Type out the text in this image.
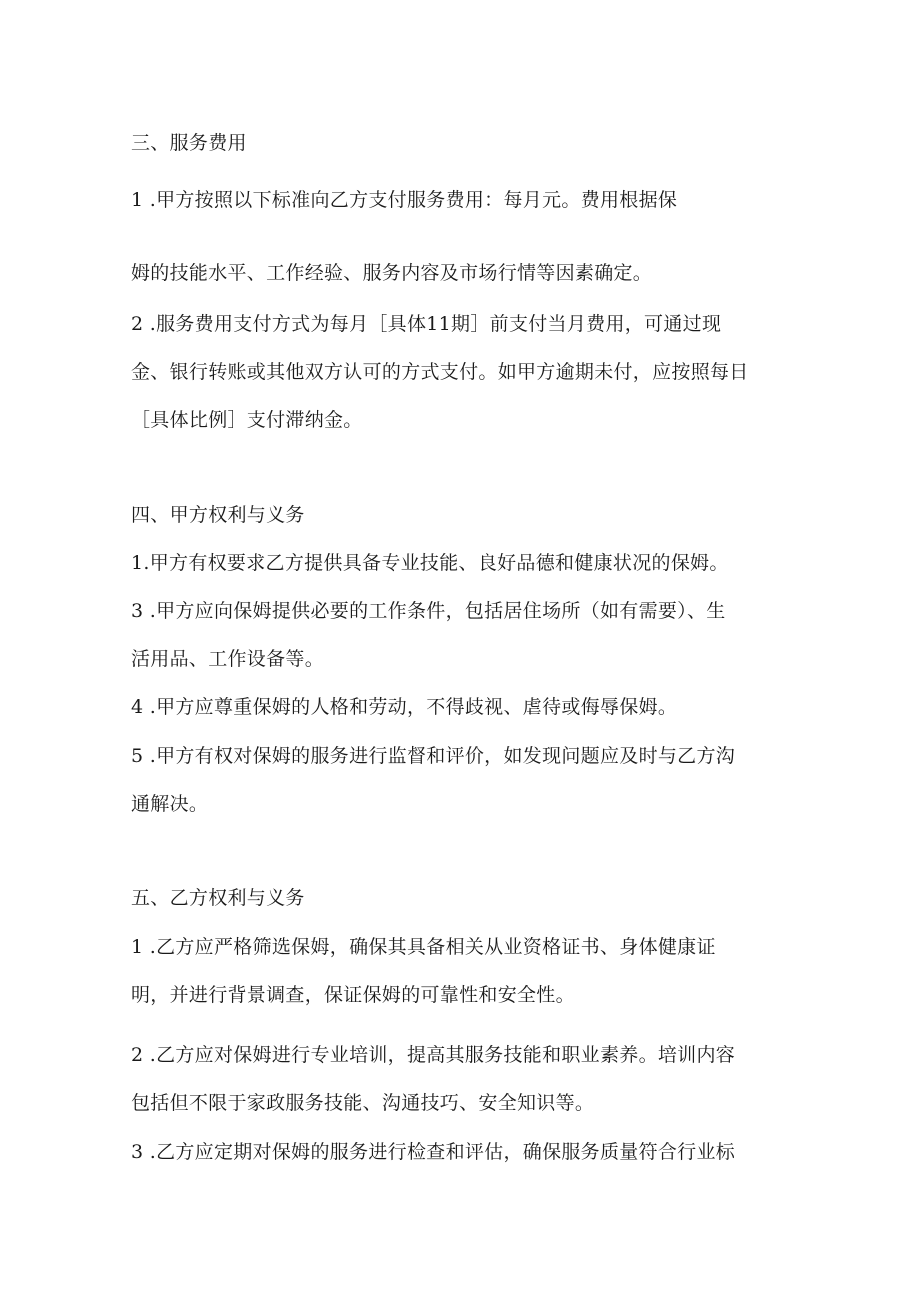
三、服务费用
1 .甲方按照以下标准向乙方支付服务费用：每月元。费用根据保
姆的技能水平、工作经验、服务内容及市场行情等因素确定。
2 .服务费用支付方式为每月［具体11期］前支付当月费用，可通过现
金、银行转账或其他双方认可的方式支付。如甲方逾期未付，应按照每日
［具体比例］支付滞纳金。
四、甲方权利与义务
1.甲方有权要求乙方提供具备专业技能、良好品德和健康状况的保姆。
3 .甲方应向保姆提供必要的工作条件，包括居住场所（如有需要）、生
活用品、工作设备等。
4 .甲方应尊重保姆的人格和劳动，不得歧视、虐待或侮辱保姆。
5 .甲方有权对保姆的服务进行监督和评价，如发现问题应及时与乙方沟
通解决。
五、乙方权利与义务
1 .乙方应严格筛选保姆，确保其具备相关从业资格证书、身体健康证
明，并进行背景调查，保证保姆的可靠性和安全性。
2 .乙方应对保姆进行专业培训，提高其服务技能和职业素养。培训内容
包括但不限于家政服务技能、沟通技巧、安全知识等。
3 .乙方应定期对保姆的服务进行检查和评估，确保服务质量符合行业标
